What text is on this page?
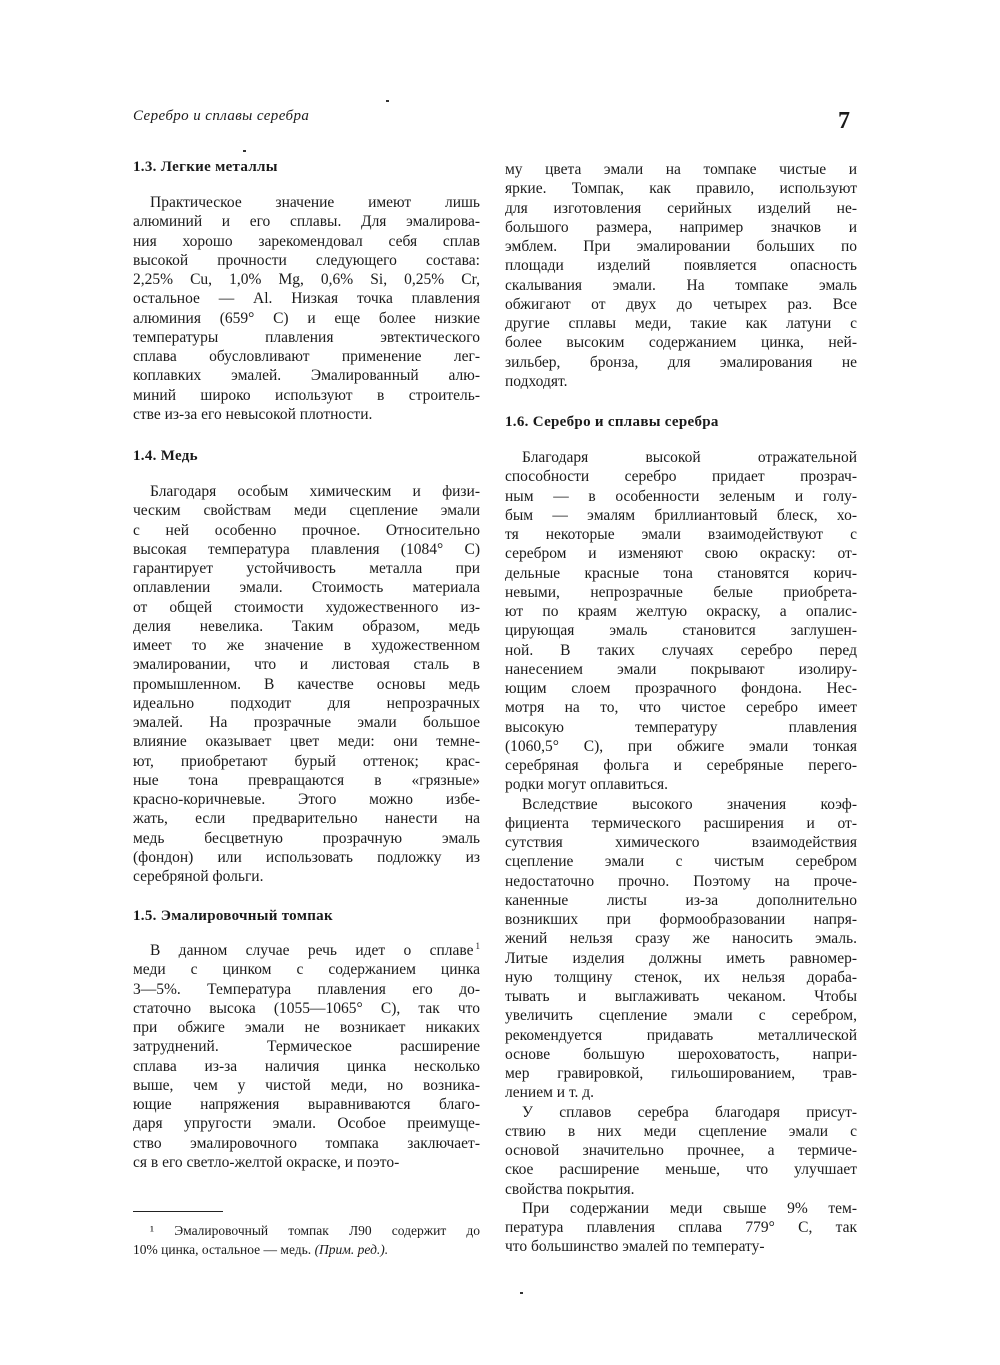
Серебро и сплавы серебра	7
1.3. Легкие металлы
Практическое значение имеют лишь
алюминий и его сплавы. Для эмалирова-
ния хорошо зарекомендовал себя сплав
высокой прочности следующего состава:
2,25% Cu, 1,0% Mg, 0,6% Si, 0,25% Cr,
остальное — Al. Низкая точка плавления
алюминия (659° С) и еще более низкие
температуры плавления эвтектического
сплава обусловливают применение лег-
коплавких эмалей. Эмалированный алю-
миний широко используют в строитель-
стве из-за его невысокой плотности.
1.4. Медь
Благодаря особым химическим и физи-
ческим свойствам меди сцепление эмали
с ней особенно прочное. Относительно
высокая температура плавления (1084° С)
гарантирует устойчивость металла при
оплавлении эмали. Стоимость материала
от общей стоимости художественного из-
делия невелика. Таким образом, медь
имеет то же значение в художественном
эмалировании, что и листовая сталь в
промышленном. В качестве основы медь
идеально подходит для непрозрачных
эмалей. На прозрачные эмали большое
влияние оказывает цвет меди: они темне-
ют, приобретают бурый оттенок; крас-
ные тона превращаются в «грязные»
красно-коричневые. Этого можно избе-
жать, если предварительно нанести на
медь бесцветную прозрачную эмаль
(фондон) или использовать подложку из
серебряной фольги.
1.5. Эмалировочный томпак
В данном случае речь идет о сплаве $^1$
меди с цинком с содержанием цинка
3—5%. Температура плавления его до-
статочно высока (1055—1065° С), так что
при обжиге эмали не возникает никаких
затруднений. Термическое расширение
сплава из-за наличия цинка несколько
выше, чем у чистой меди, но возника-
ющие напряжения выравниваются благо-
даря упругости эмали. Особое преимуще-
ство эмалировочного томпака заключает-
ся в его светло-желтой окраске, и поэто-
¹ Эмалировочный томпак Л90 содержит до
10% цинка, остальное — медь. (Прим. ред.).
му цвета эмали на томпаке чистые и
яркие. Томпак, как правило, используют
для изготовления серийных изделий не-
большого размера, например значков и
эмблем. При эмалировании больших по
площади изделий появляется опасность
скалывания эмали. На томпаке эмаль
обжигают от двух до четырех раз. Все
другие сплавы меди, такие как латуни с
более высоким содержанием цинка, ней-
зильбер, бронза, для эмалирования не
подходят.
1.6. Серебро и сплавы серебра
Благодаря высокой отражательной
способности серебро придает прозрач-
ным — в особенности зеленым и голу-
бым — эмалям бриллиантовый блеск, хо-
тя некоторые эмали взаимодействуют с
серебром и изменяют свою окраску: от-
дельные красные тона становятся корич-
невыми, непрозрачные белые приобрета-
ют по краям желтую окраску, а опалис-
цирующая эмаль становится заглушен-
ной. В таких случаях серебро перед
нанесением эмали покрывают изолиру-
ющим слоем прозрачного фондона. Нес-
мотря на то, что чистое серебро имеет
высокую температуру плавления
(1060,5° С), при обжиге эмали тонкая
серебряная фольга и серебряные перего-
родки могут оплавиться.
Вследствие высокого значения коэф-
фициента термического расширения и от-
сутствия химического взаимодействия
сцепление эмали с чистым серебром
недостаточно прочно. Поэтому на проче-
каненные листы из-за дополнительно
возникших при формообразовании напря-
жений нельзя сразу же наносить эмаль.
Литые изделия должны иметь равномер-
ную толщину стенок, их нельзя дораба-
тывать и выглаживать чеканом. Чтобы
увеличить сцепление эмали с серебром,
рекомендуется придавать металлической
основе большую шероховатость, напри-
мер гравировкой, гильошированием, трав-
лением и т. д.
У сплавов серебра благодаря присут-
ствию в них меди сцепление эмали с
основой значительно прочнее, а термиче-
ское расширение меньше, что улучшает
свойства покрытия.
При содержании меди свыше 9% тем-
пература плавления сплава 779° С, так
что большинство эмалей по температу-
